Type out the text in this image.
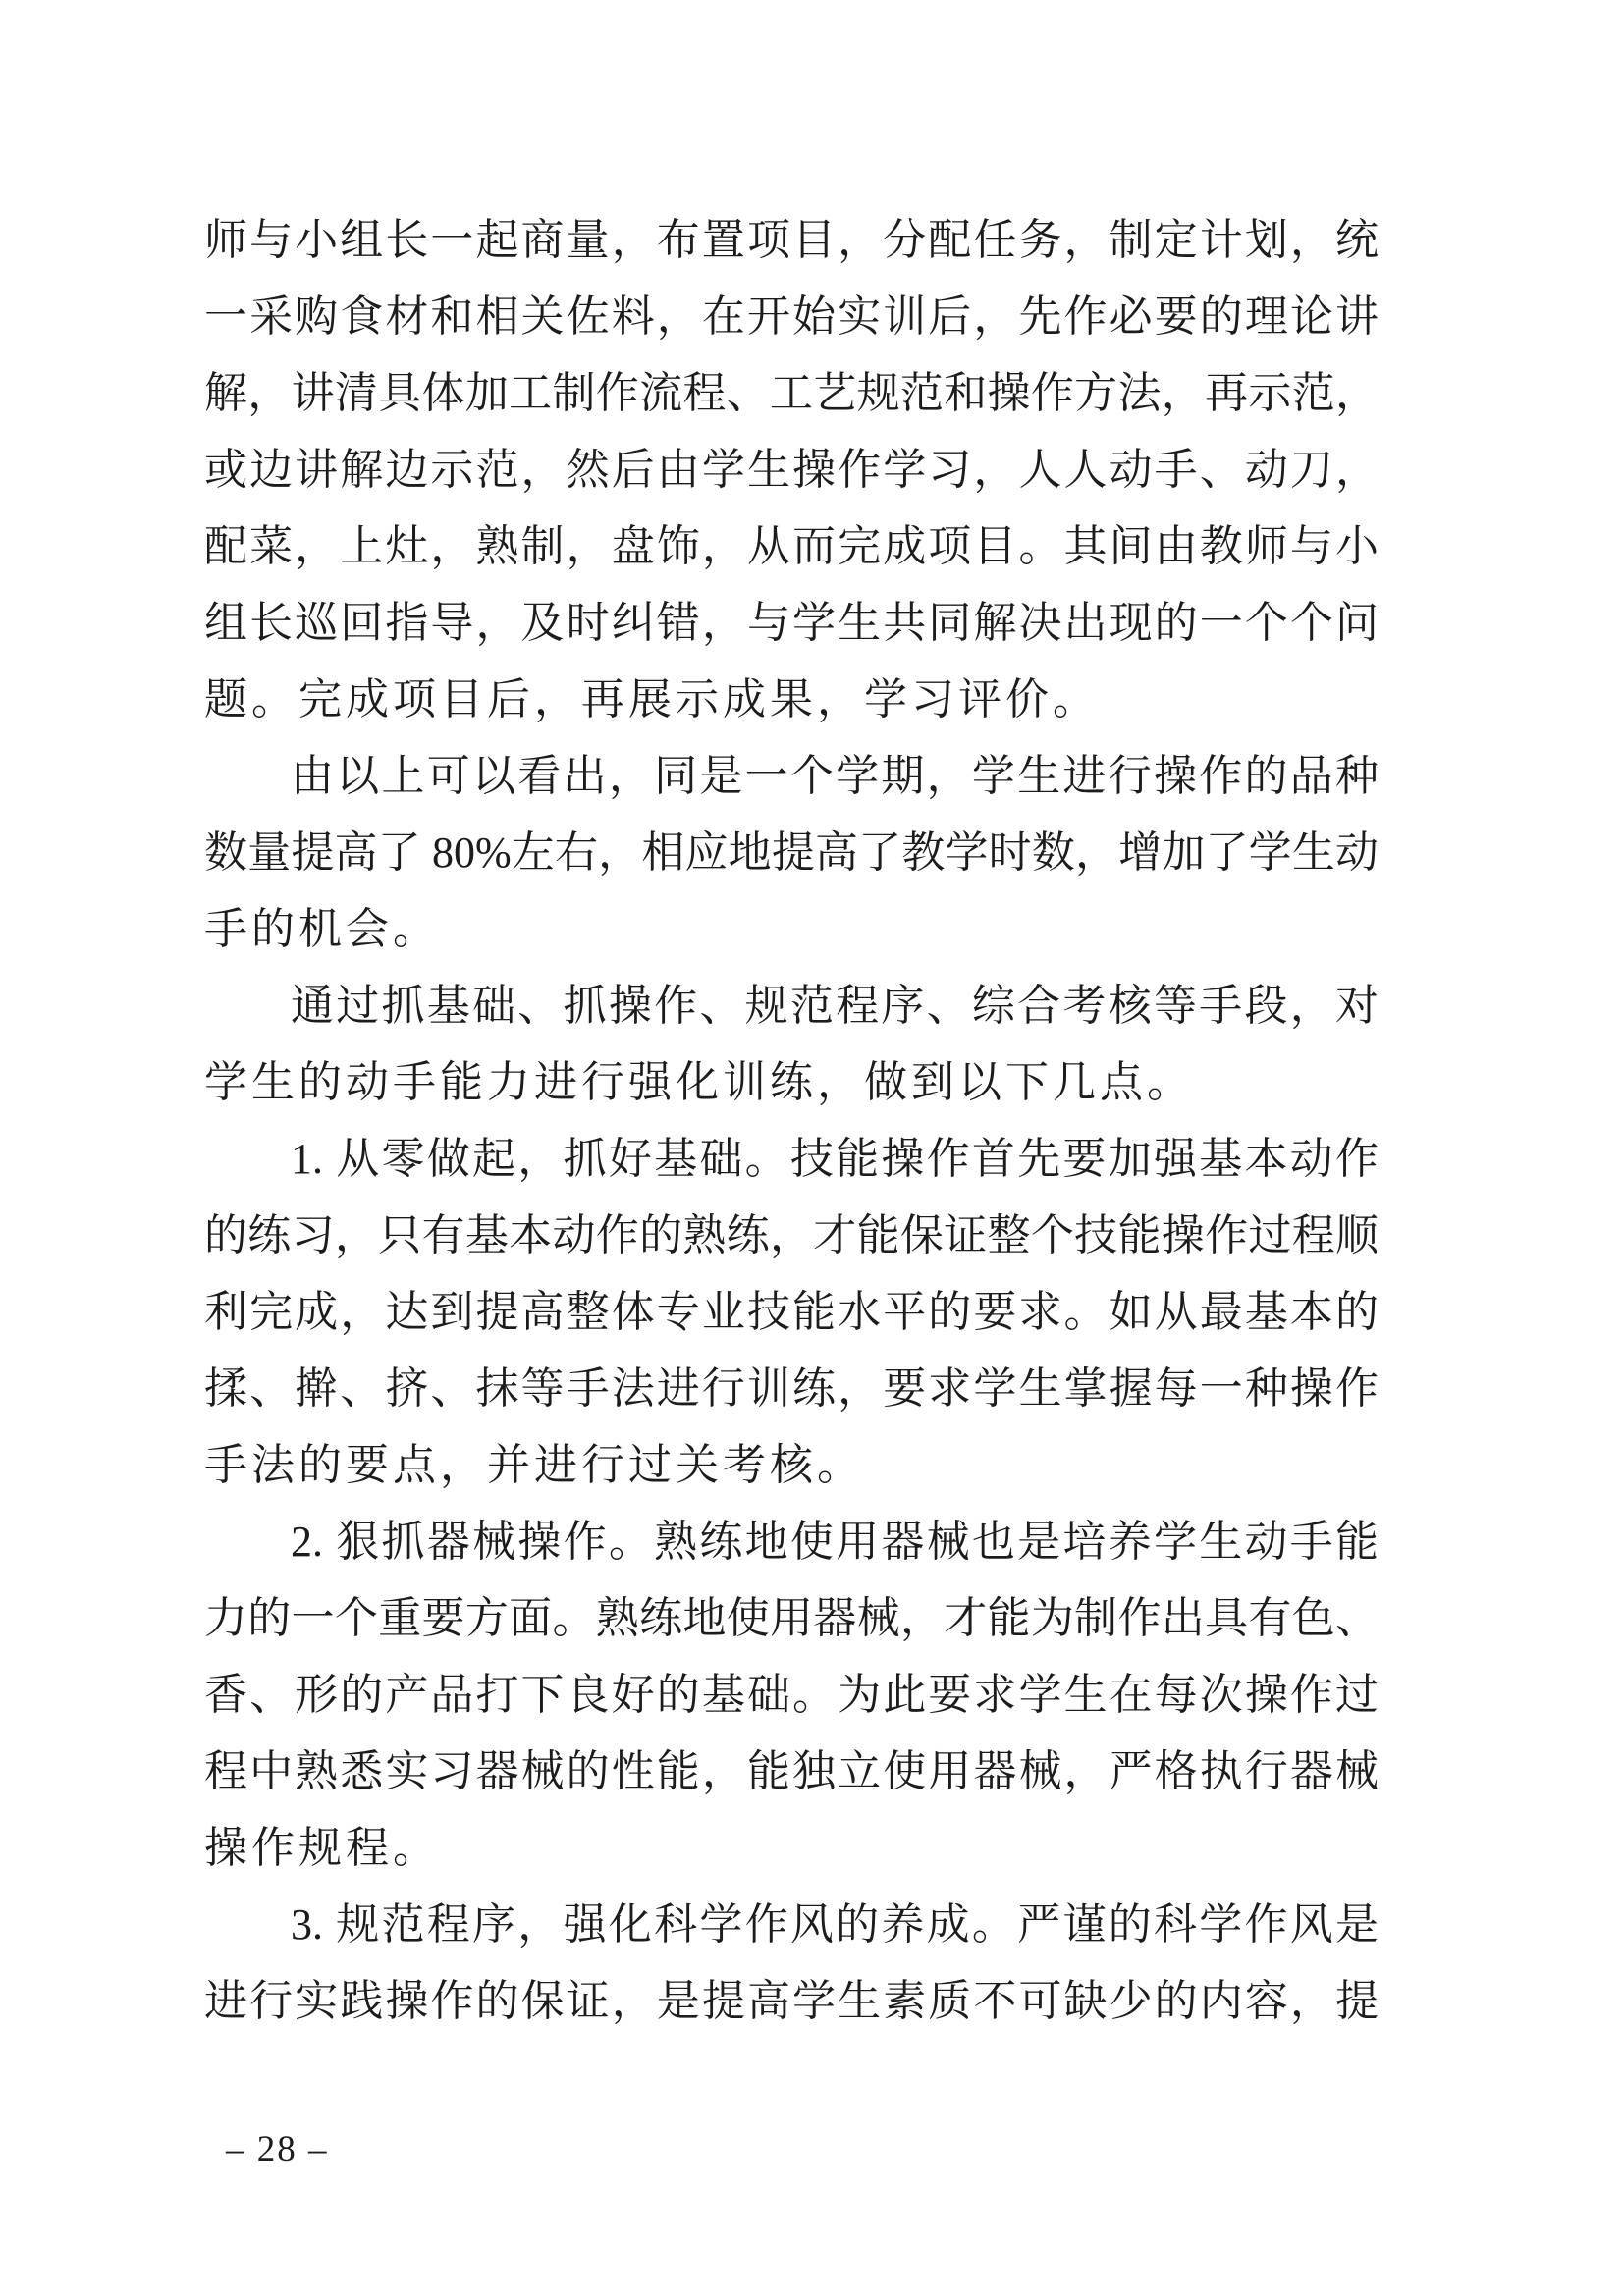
师与小组长一起商量，布置项目，分配任务，制定计划，统
一采购食材和相关佐料，在开始实训后，先作必要的理论讲
解，讲清具体加工制作流程、工艺规范和操作方法，再示范，
或边讲解边示范，然后由学生操作学习，人人动手、动刀，
配菜，上灶，熟制，盘饰，从而完成项目。其间由教师与小
组长巡回指导，及时纠错，与学生共同解决出现的一个个问
题。完成项目后，再展示成果，学习评价。
由以上可以看出，同是一个学期，学生进行操作的品种
数量提高了 80%左右，相应地提高了教学时数，增加了学生动
手的机会。
通过抓基础、抓操作、规范程序、综合考核等手段，对
学生的动手能力进行强化训练，做到以下几点。
1. 从零做起，抓好基础。技能操作首先要加强基本动作
的练习，只有基本动作的熟练，才能保证整个技能操作过程顺
利完成，达到提高整体专业技能水平的要求。如从最基本的
揉、擀、挤、抹等手法进行训练，要求学生掌握每一种操作
手法的要点，并进行过关考核。
2. 狠抓器械操作。熟练地使用器械也是培养学生动手能
力的一个重要方面。熟练地使用器械，才能为制作出具有色、
香、形的产品打下良好的基础。为此要求学生在每次操作过
程中熟悉实习器械的性能，能独立使用器械，严格执行器械
操作规程。
3. 规范程序，强化科学作风的养成。严谨的科学作风是
进行实践操作的保证，是提高学生素质不可缺少的内容，提
– 28 –
